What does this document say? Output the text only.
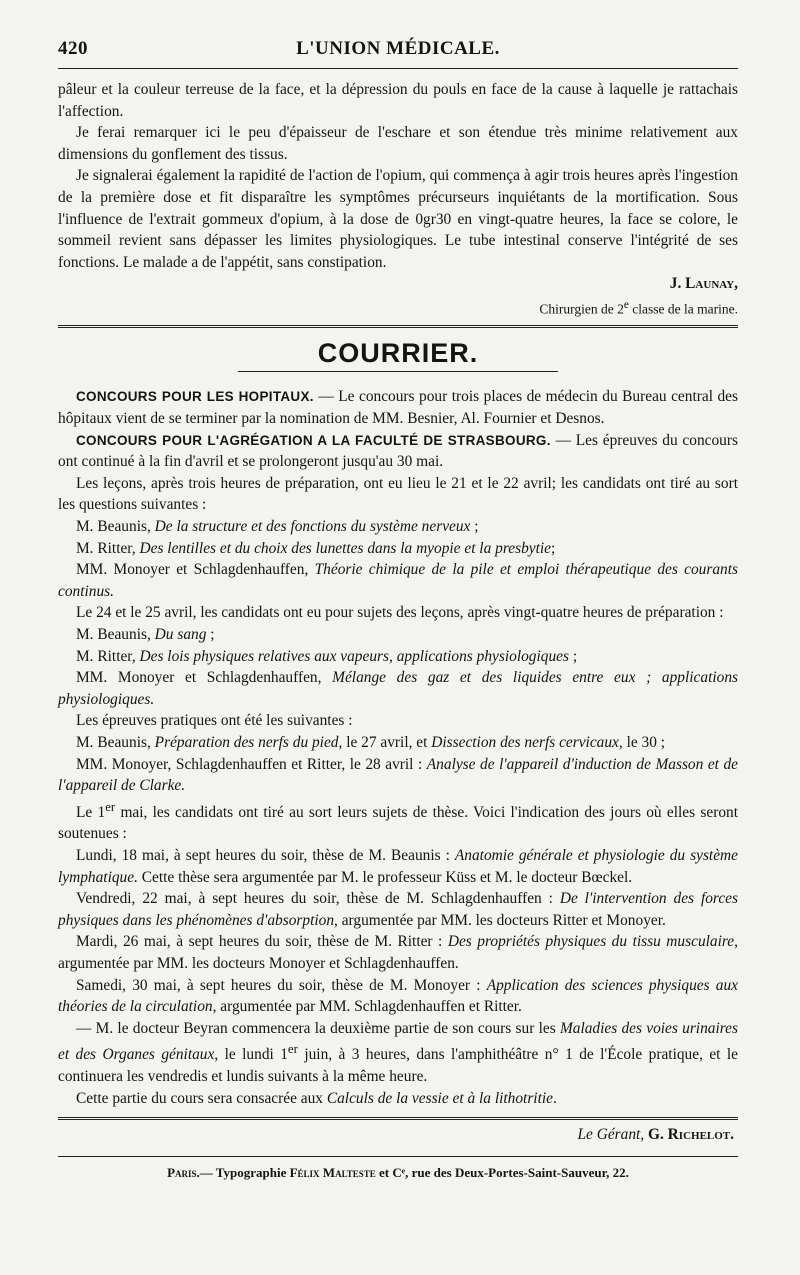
420	L'UNION MÉDICALE.

pâleur et la couleur terreuse de la face, et la dépression du pouls en face de la cause à laquelle je rattachais l'affection.

Je ferai remarquer ici le peu d'épaisseur de l'eschare et son étendue très minime relativement aux dimensions du gonflement des tissus.

Je signalerai également la rapidité de l'action de l'opium, qui commença à agir trois heures après l'ingestion de la première dose et fit disparaître les symptômes précurseurs inquiétants de la mortification. Sous l'influence de l'extrait gommeux d'opium, à la dose de 0gr30 en vingt-quatre heures, la face se colore, le sommeil revient sans dépasser les limites physiologiques. Le tube intestinal conserve l'intégrité de ses fonctions. Le malade a de l'appétit, sans constipation.

J. Launay,
Chirurgien de 2e classe de la marine.
COURRIER.

CONCOURS POUR LES HOPITAUX. — Le concours pour trois places de médecin du Bureau central des hôpitaux vient de se terminer par la nomination de MM. Besnier, Al. Fournier et Desnos.

CONCOURS POUR L'AGRÉGATION A LA FACULTÉ DE STRASBOURG. — Les épreuves du concours ont continué à la fin d'avril et se prolongeront jusqu'au 30 mai.

Les leçons, après trois heures de préparation, ont eu lieu le 21 et le 22 avril; les candidats ont tiré au sort les questions suivantes :

M. Beaunis, De la structure et des fonctions du système nerveux ;

M. Ritter, Des lentilles et du choix des lunettes dans la myopie et la presbytie;

MM. Monoyer et Schlagdenhauffen, Théorie chimique de la pile et emploi thérapeutique des courants continus.

Le 24 et le 25 avril, les candidats ont eu pour sujets des leçons, après vingt-quatre heures de préparation :

M. Beaunis, Du sang ;

M. Ritter, Des lois physiques relatives aux vapeurs, applications physiologiques ;

MM. Monoyer et Schlagdenhauffen, Mélange des gaz et des liquides entre eux ; applications physiologiques.

Les épreuves pratiques ont été les suivantes :

M. Beaunis, Préparation des nerfs du pied, le 27 avril, et Dissection des nerfs cervicaux, le 30 ;

MM. Monoyer, Schlagdenhauffen et Ritter, le 28 avril : Analyse de l'appareil d'induction de Masson et de l'appareil de Clarke.

Le 1er mai, les candidats ont tiré au sort leurs sujets de thèse. Voici l'indication des jours où elles seront soutenues :

Lundi, 18 mai, à sept heures du soir, thèse de M. Beaunis : Anatomie générale et physiologie du système lymphatique. Cette thèse sera argumentée par M. le professeur Küss et M. le docteur Bœckel.

Vendredi, 22 mai, à sept heures du soir, thèse de M. Schlagdenhauffen : De l'intervention des forces physiques dans les phénomènes d'absorption, argumentée par MM. les docteurs Ritter et Monoyer.

Mardi, 26 mai, à sept heures du soir, thèse de M. Ritter : Des propriétés physiques du tissu musculaire, argumentée par MM. les docteurs Monoyer et Schlagdenhauffen.

Samedi, 30 mai, à sept heures du soir, thèse de M. Monoyer : Application des sciences physiques aux théories de la circulation, argumentée par MM. Schlagdenhauffen et Ritter.

— M. le docteur Beyran commencera la deuxième partie de son cours sur les Maladies des voies urinaires et des Organes génitaux, le lundi 1er juin, à 3 heures, dans l'amphithéâtre n° 1 de l'École pratique, et le continuera les vendredis et lundis suivants à la même heure.

Cette partie du cours sera consacrée aux Calculs de la vessie et à la lithotritie.

Le Gérant, G. Richelot.
Paris.— Typographie Félix Malteste et Cᵉ, rue des Deux-Portes-Saint-Sauveur, 22.
